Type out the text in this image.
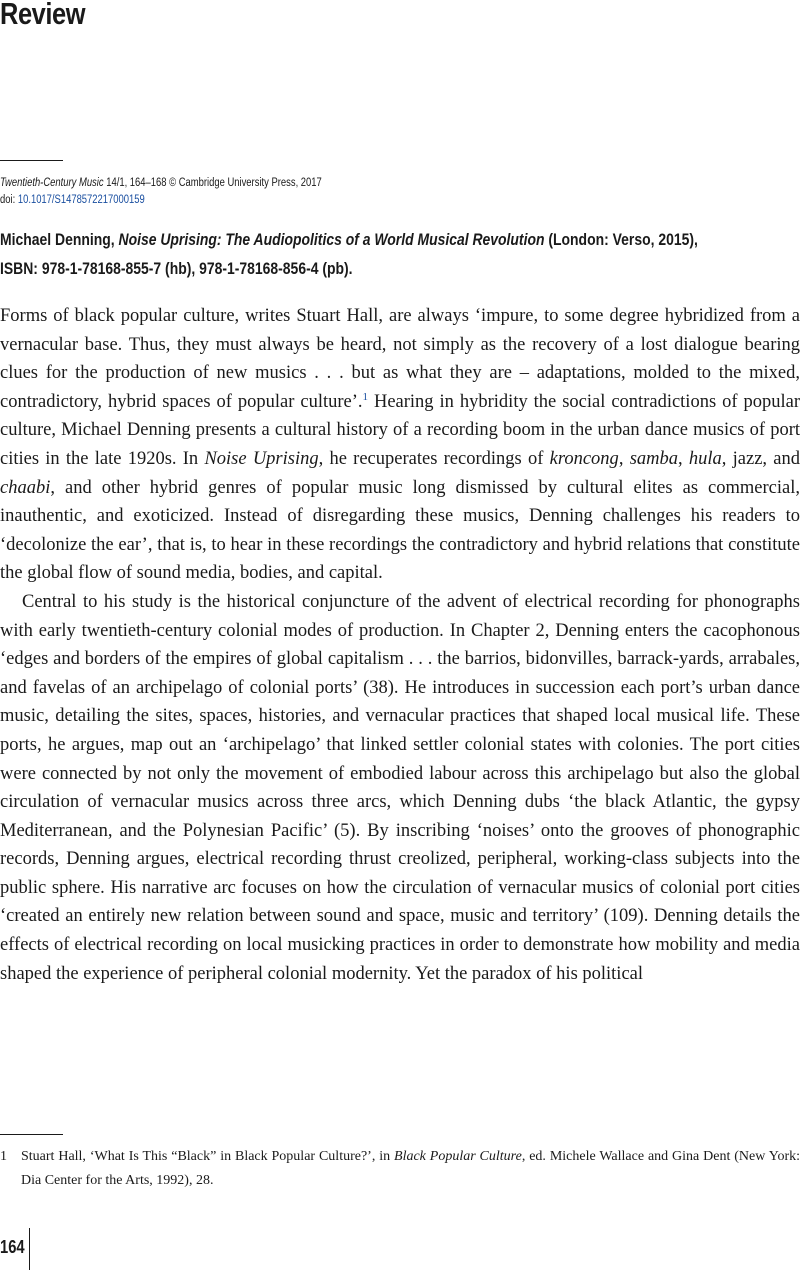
Review
Twentieth-Century Music 14/1, 164–168 © Cambridge University Press, 2017
doi: 10.1017/S1478572217000159
Michael Denning, Noise Uprising: The Audiopolitics of a World Musical Revolution (London: Verso, 2015),
ISBN: 978-1-78168-855-7 (hb), 978-1-78168-856-4 (pb).

Forms of black popular culture, writes Stuart Hall, are always ‘impure, to some degree hybridized from a vernacular base. Thus, they must always be heard, not simply as the recovery of a lost dialogue bearing clues for the production of new musics . . . but as what they are – adaptations, molded to the mixed, contradictory, hybrid spaces of popular culture’.$^1$ Hearing in hybridity the social contradictions of popular culture, Michael Denning presents a cultural history of a recording boom in the urban dance musics of port cities in the late 1920s. In Noise Uprising, he recuperates recordings of kroncong, samba, hula, jazz, and chaabi, and other hybrid genres of popular music long dismissed by cultural elites as commercial, inauthentic, and exoticized. Instead of disregarding these musics, Denning challenges his readers to ‘decolonize the ear’, that is, to hear in these recordings the contradictory and hybrid relations that constitute the global flow of sound media, bodies, and capital.

Central to his study is the historical conjuncture of the advent of electrical recording for phonographs with early twentieth-century colonial modes of production. In Chapter 2, Denning enters the cacophonous ‘edges and borders of the empires of global capitalism . . . the barrios, bidonvilles, barrack-yards, arrabales, and favelas of an archipelago of colonial ports’ (38). He introduces in succession each port’s urban dance music, detailing the sites, spaces, histories, and vernacular practices that shaped local musical life. These ports, he argues, map out an ‘archipelago’ that linked settler colonial states with colonies. The port cities were connected by not only the movement of embodied labour across this archipelago but also the global circulation of vernacular musics across three arcs, which Denning dubs ‘the black Atlantic, the gypsy Mediterranean, and the Polynesian Pacific’ (5). By inscribing ‘noises’ onto the grooves of phonographic records, Denning argues, electrical recording thrust creolized, peripheral, working-class subjects into the public sphere. His narrative arc focuses on how the circulation of vernacular musics of colonial port cities ‘created an entirely new relation between sound and space, music and territory’ (109). Denning details the effects of electrical recording on local musicking practices in order to demonstrate how mobility and media shaped the experience of peripheral colonial modernity. Yet the paradox of his political

1 Stuart Hall, ‘What Is This “Black” in Black Popular Culture?’, in Black Popular Culture, ed. Michele Wallace and Gina Dent (New York: Dia Center for the Arts, 1992), 28.
164
